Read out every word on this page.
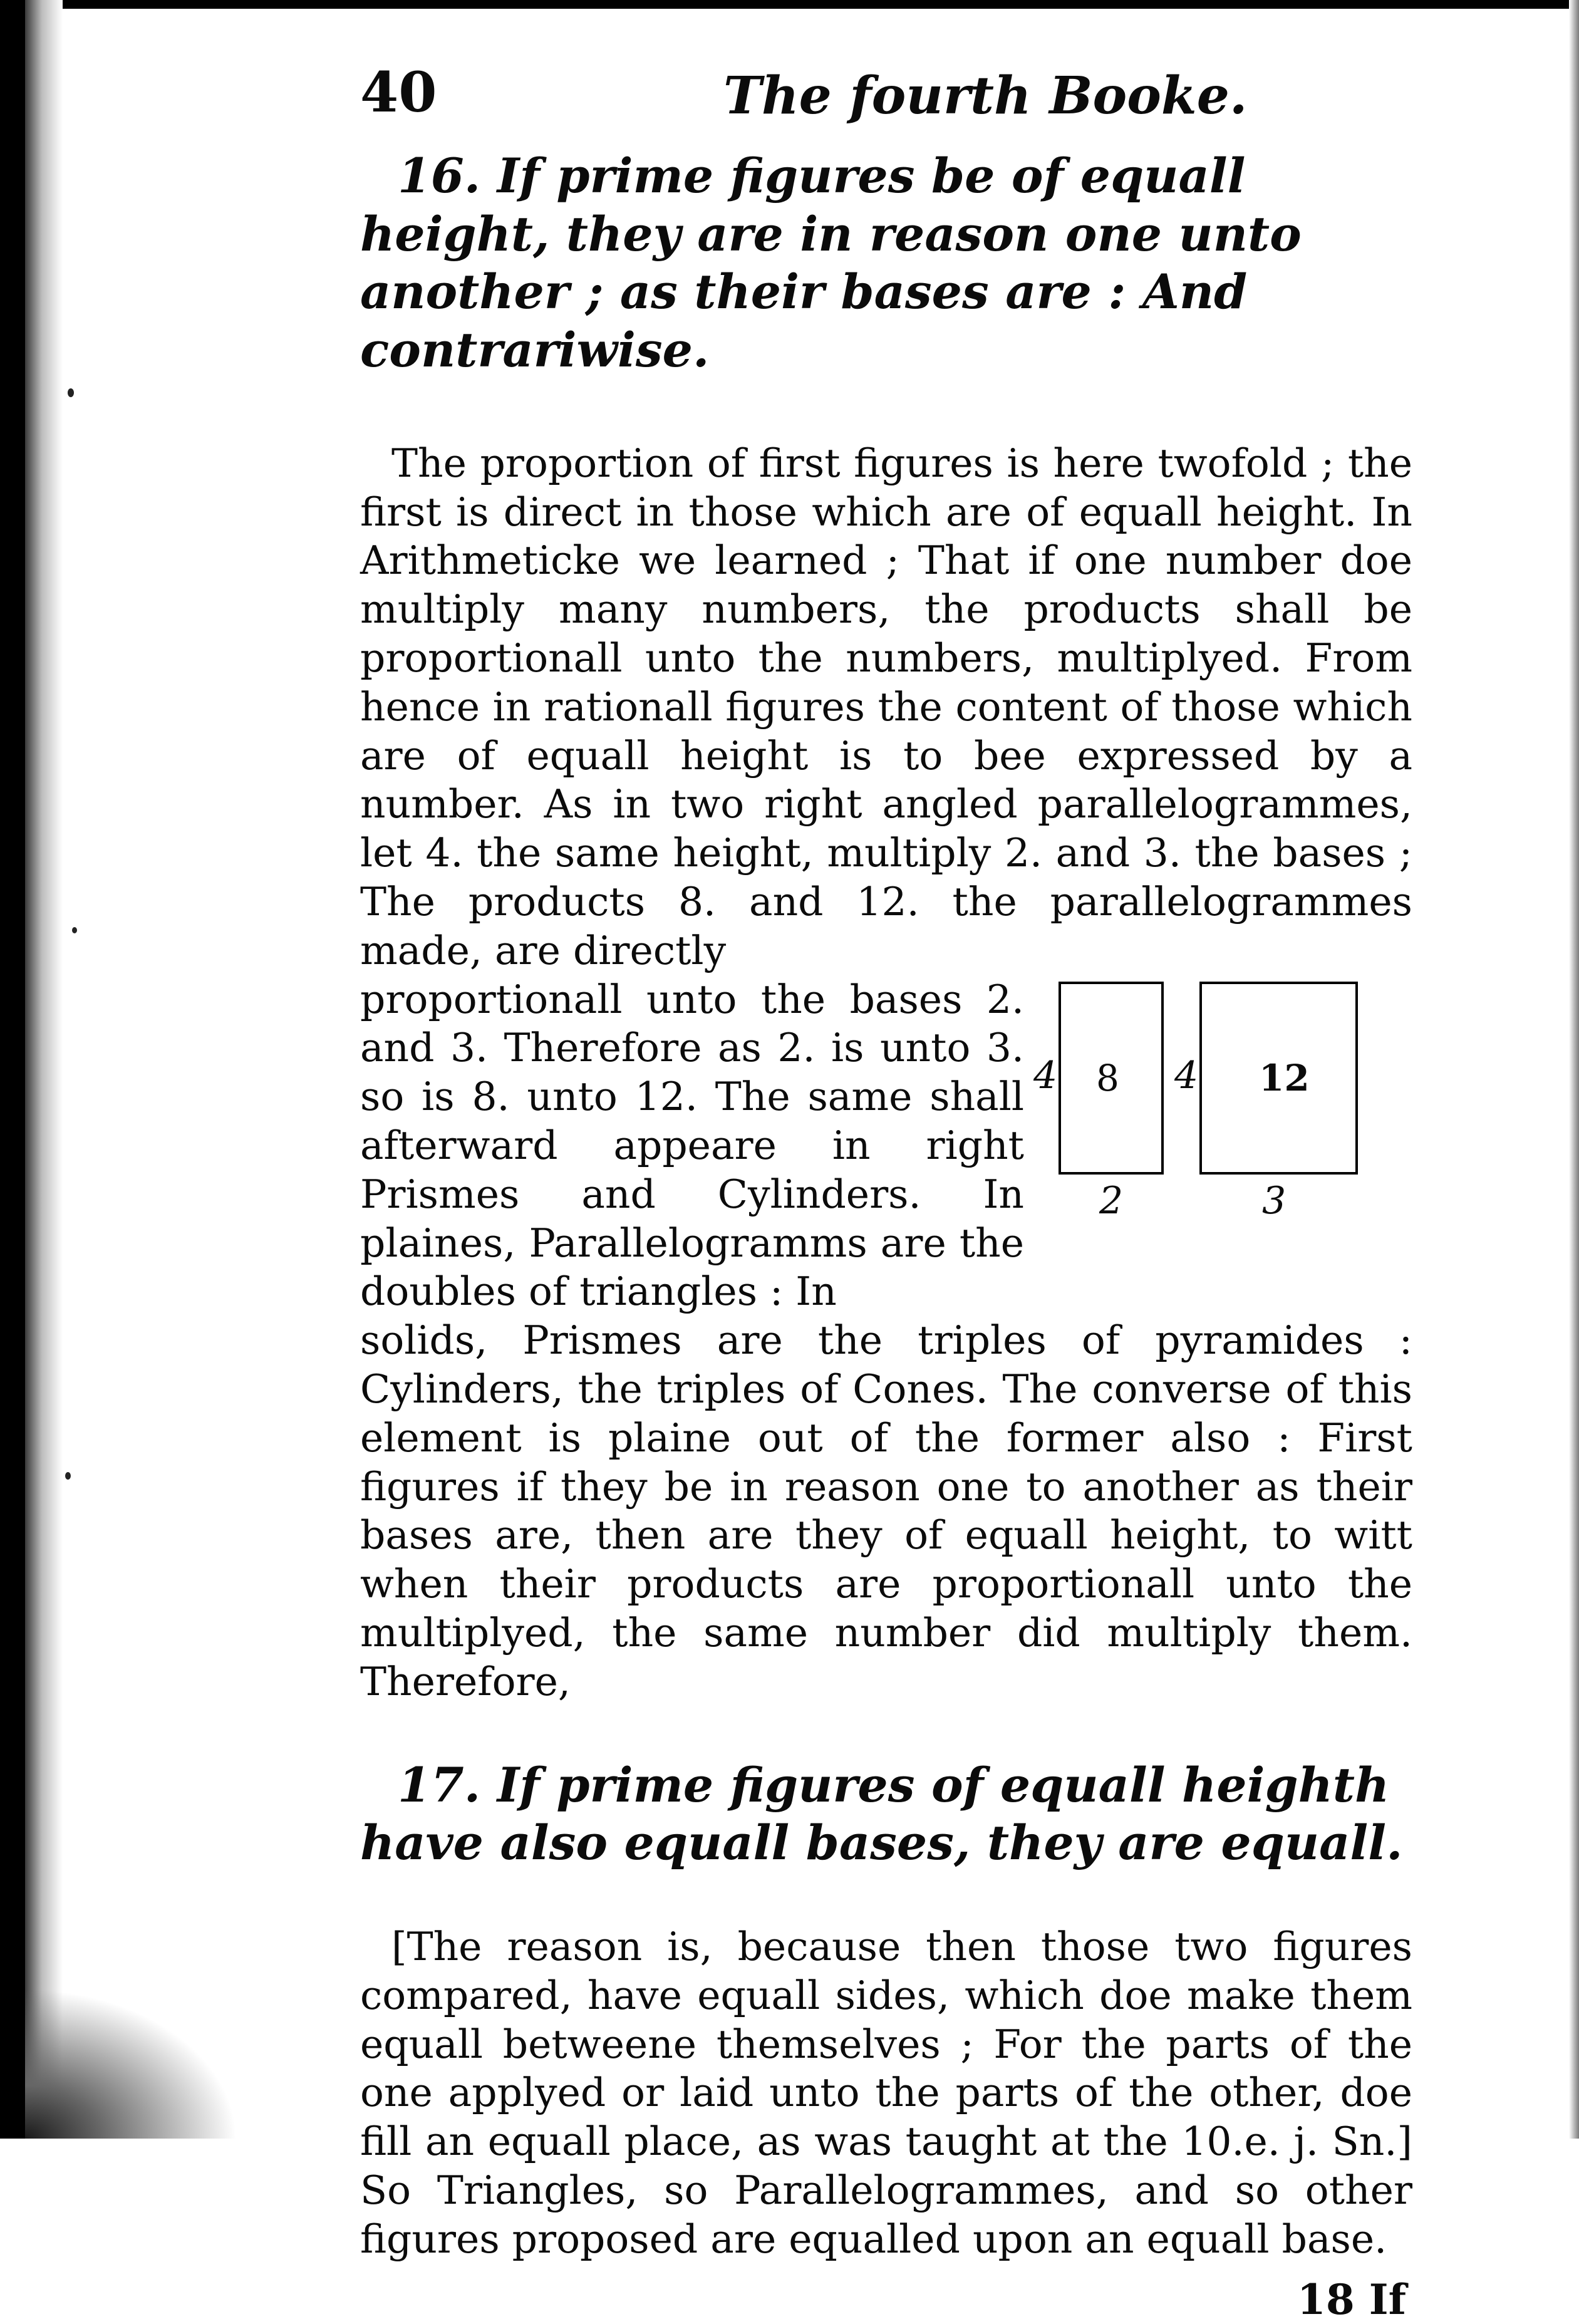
40	The fourth Booke.

16. If prime figures be of equall height, they are in reason one unto another ; as their bases are : And contrariwise.

The proportion of first figures is here twofold ; the first is direct in those which are of equall height. In Arithmeticke we learned ; That if one number doe multiply many numbers, the products shall be proportionall unto the numbers, multiplyed. From hence in rationall figures the content of those which are of equall height is to bee expressed by a number. As in two right angled parallelogrammes, let 4. the same height, multiply 2. and 3. the bases ; The products 8. and 12. the parallelogrammes made, are directly

proportionall unto the bases 2. and 3. Therefore as 2. is unto 3. so is 8. unto 12. The same shall afterward appeare in right Prismes and Cylinders. In plaines, Parallelogramms are the doubles of triangles : In

4 8
2
4 12
3

solids, Prismes are the triples of pyramides : Cylinders, the triples of Cones. The converse of this element is plaine out of the former also : First figures if they be in reason one to another as their bases are, then are they of equall height, to witt when their products are proportionall unto the multiplyed, the same number did multiply them. Therefore,

17. If prime figures of equall heighth have also equall bases, they are equall.

[The reason is, because then those two figures compared, have equall sides, which doe make them equall betweene themselves ; For the parts of the one applyed or laid unto the parts of the other, doe fill an equall place, as was taught at the 10.e. j. Sn.] So Triangles, so Parallelogrammes, and so other figures proposed are equalled upon an equall base.

18 If
